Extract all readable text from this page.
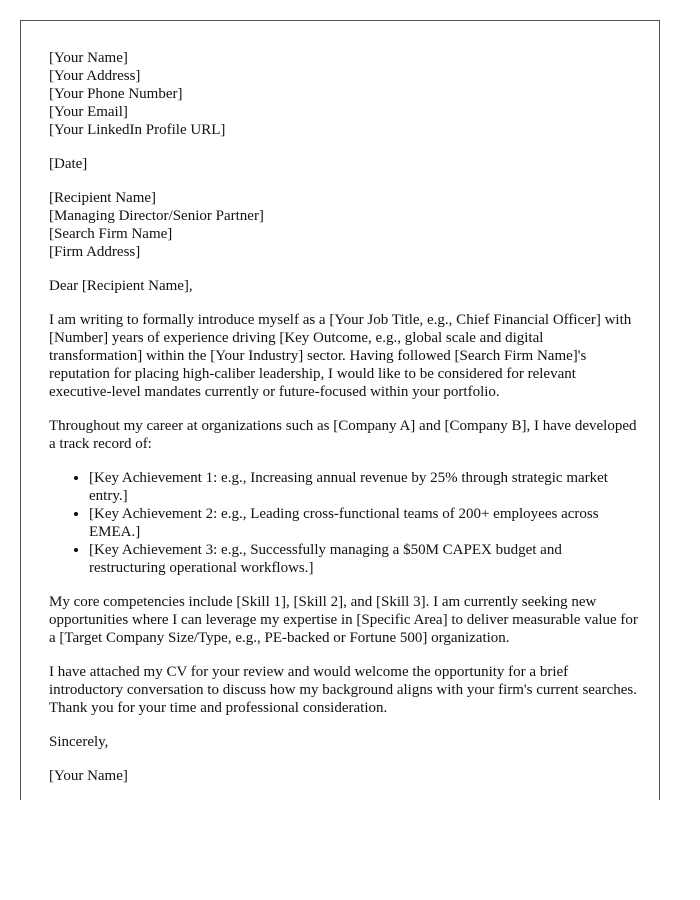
[Your Name]
[Your Address]
[Your Phone Number]
[Your Email]
[Your LinkedIn Profile URL]
[Date]
[Recipient Name]
[Managing Director/Senior Partner]
[Search Firm Name]
[Firm Address]

Dear [Recipient Name],

I am writing to formally introduce myself as a [Your Job Title, e.g., Chief Financial Officer] with [Number] years of experience driving [Key Outcome, e.g., global scale and digital transformation] within the [Your Industry] sector. Having followed [Search Firm Name]'s reputation for placing high-caliber leadership, I would like to be considered for relevant executive-level mandates currently or future-focused within your portfolio.

Throughout my career at organizations such as [Company A] and [Company B], I have developed a track record of:

• [Key Achievement 1: e.g., Increasing annual revenue by 25% through strategic market entry.]
• [Key Achievement 2: e.g., Leading cross-functional teams of 200+ employees across EMEA.]
• [Key Achievement 3: e.g., Successfully managing a $50M CAPEX budget and restructuring operational workflows.]

My core competencies include [Skill 1], [Skill 2], and [Skill 3]. I am currently seeking new opportunities where I can leverage my expertise in [Specific Area] to deliver measurable value for a [Target Company Size/Type, e.g., PE-backed or Fortune 500] organization.

I have attached my CV for your review and would welcome the opportunity for a brief introductory conversation to discuss how my background aligns with your firm's current searches. Thank you for your time and professional consideration.

Sincerely,

[Your Name]
